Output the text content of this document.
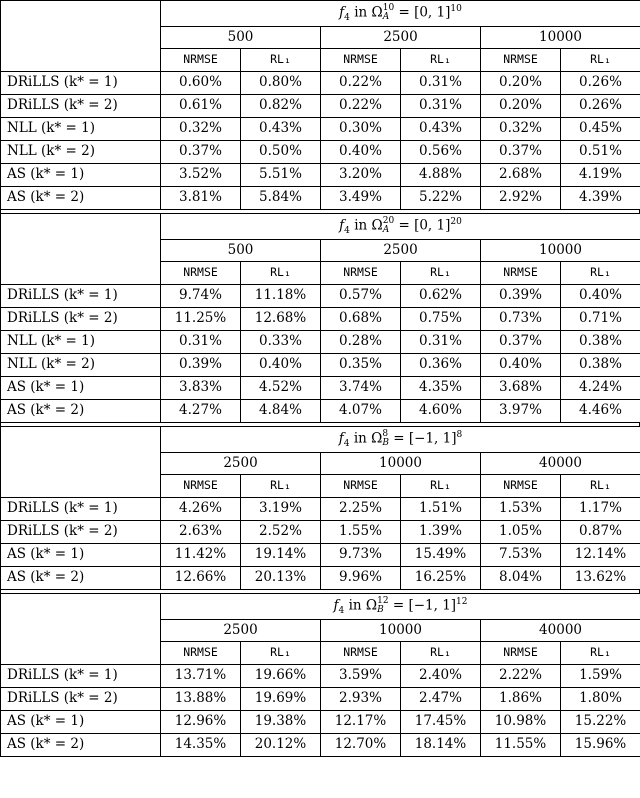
	$f_4$ in Ω 10
A = [0, 1]$^{10}$
	500		2500		10000	
	NRMSE	RL₁	NRMSE	RL₁	NRMSE	RL₁
DRiLLS (k* = 1)	0.60%	0.80%	0.22%	0.31%	0.20%	0.26%
DRiLLS (k* = 2)	0.61%	0.82%	0.22%	0.31%	0.20%	0.26%
NLL (k* = 1)	0.32%	0.43%	0.30%	0.43%	0.32%	0.45%
NLL (k* = 2)	0.37%	0.50%	0.40%	0.56%	0.37%	0.51%
AS (k* = 1)	3.52%	5.51%	3.20%	4.88%	2.68%	4.19%
AS (k* = 2)	3.81%	5.84%	3.49%	5.22%	2.92%	4.39%
	$f_4$ in Ω 20
A = [0, 1]$^{20}$
	500		2500		10000	
	NRMSE	RL₁	NRMSE	RL₁	NRMSE	RL₁
DRiLLS (k* = 1)	9.74%	11.18%	0.57%	0.62%	0.39%	0.40%
DRiLLS (k* = 2)	11.25%	12.68%	0.68%	0.75%	0.73%	0.71%
NLL (k* = 1)	0.31%	0.33%	0.28%	0.31%	0.37%	0.38%
NLL (k* = 2)	0.39%	0.40%	0.35%	0.36%	0.40%	0.38%
AS (k* = 1)	3.83%	4.52%	3.74%	4.35%	3.68%	4.24%
AS (k* = 2)	4.27%	4.84%	4.07%	4.60%	3.97%	4.46%
	$f_4$ in Ω 8
B = [−1, 1]$^8$
	2500		10000		40000	
	NRMSE	RL₁	NRMSE	RL₁	NRMSE	RL₁
DRiLLS (k* = 1)	4.26%	3.19%	2.25%	1.51%	1.53%	1.17%
DRiLLS (k* = 2)	2.63%	2.52%	1.55%	1.39%	1.05%	0.87%
AS (k* = 1)	11.42%	19.14%	9.73%	15.49%	7.53%	12.14%
AS (k* = 2)	12.66%	20.13%	9.96%	16.25%	8.04%	13.62%
	$f_4$ in Ω 12
B = [−1, 1]$^{12}$
	2500		10000		40000	
	NRMSE	RL₁	NRMSE	RL₁	NRMSE	RL₁
DRiLLS (k* = 1)	13.71%	19.66%	3.59%	2.40%	2.22%	1.59%
DRiLLS (k* = 2)	13.88%	19.69%	2.93%	2.47%	1.86%	1.80%
AS (k* = 1)	12.96%	19.38%	12.17%	17.45%	10.98%	15.22%
AS (k* = 2)	14.35%	20.12%	12.70%	18.14%	11.55%	15.96%
